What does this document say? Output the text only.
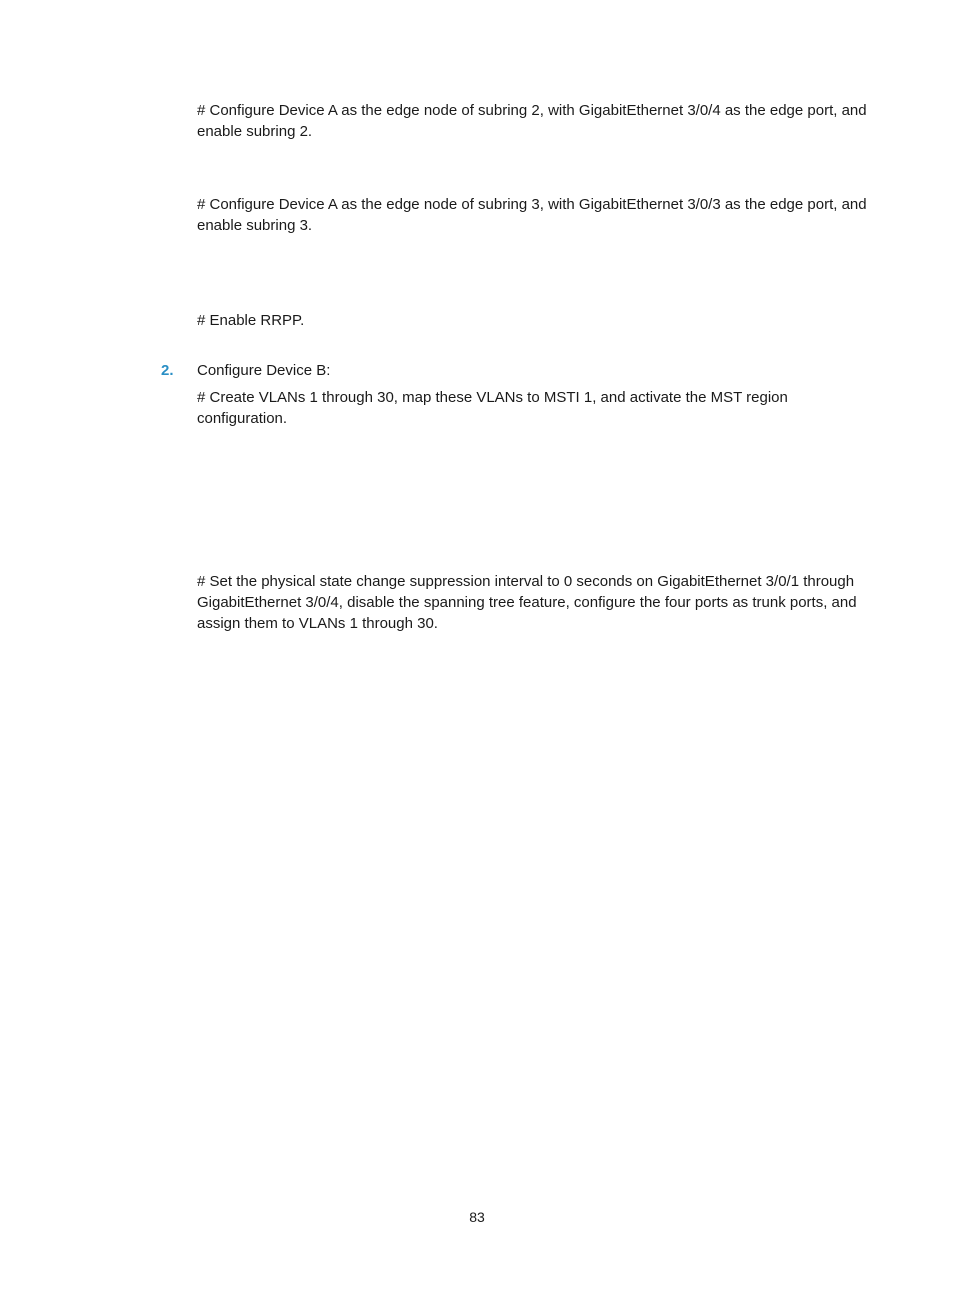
# Configure Device A as the edge node of subring 2, with GigabitEthernet 3/0/4 as the edge port, and enable subring 2.

# Configure Device A as the edge node of subring 3, with GigabitEthernet 3/0/3 as the edge port, and enable subring 3.

# Enable RRPP.

2. Configure Device B:

# Create VLANs 1 through 30, map these VLANs to MSTI 1, and activate the MST region configuration.

# Set the physical state change suppression interval to 0 seconds on GigabitEthernet 3/0/1 through GigabitEthernet 3/0/4, disable the spanning tree feature, configure the four ports as trunk ports, and assign them to VLANs 1 through 30.

83
